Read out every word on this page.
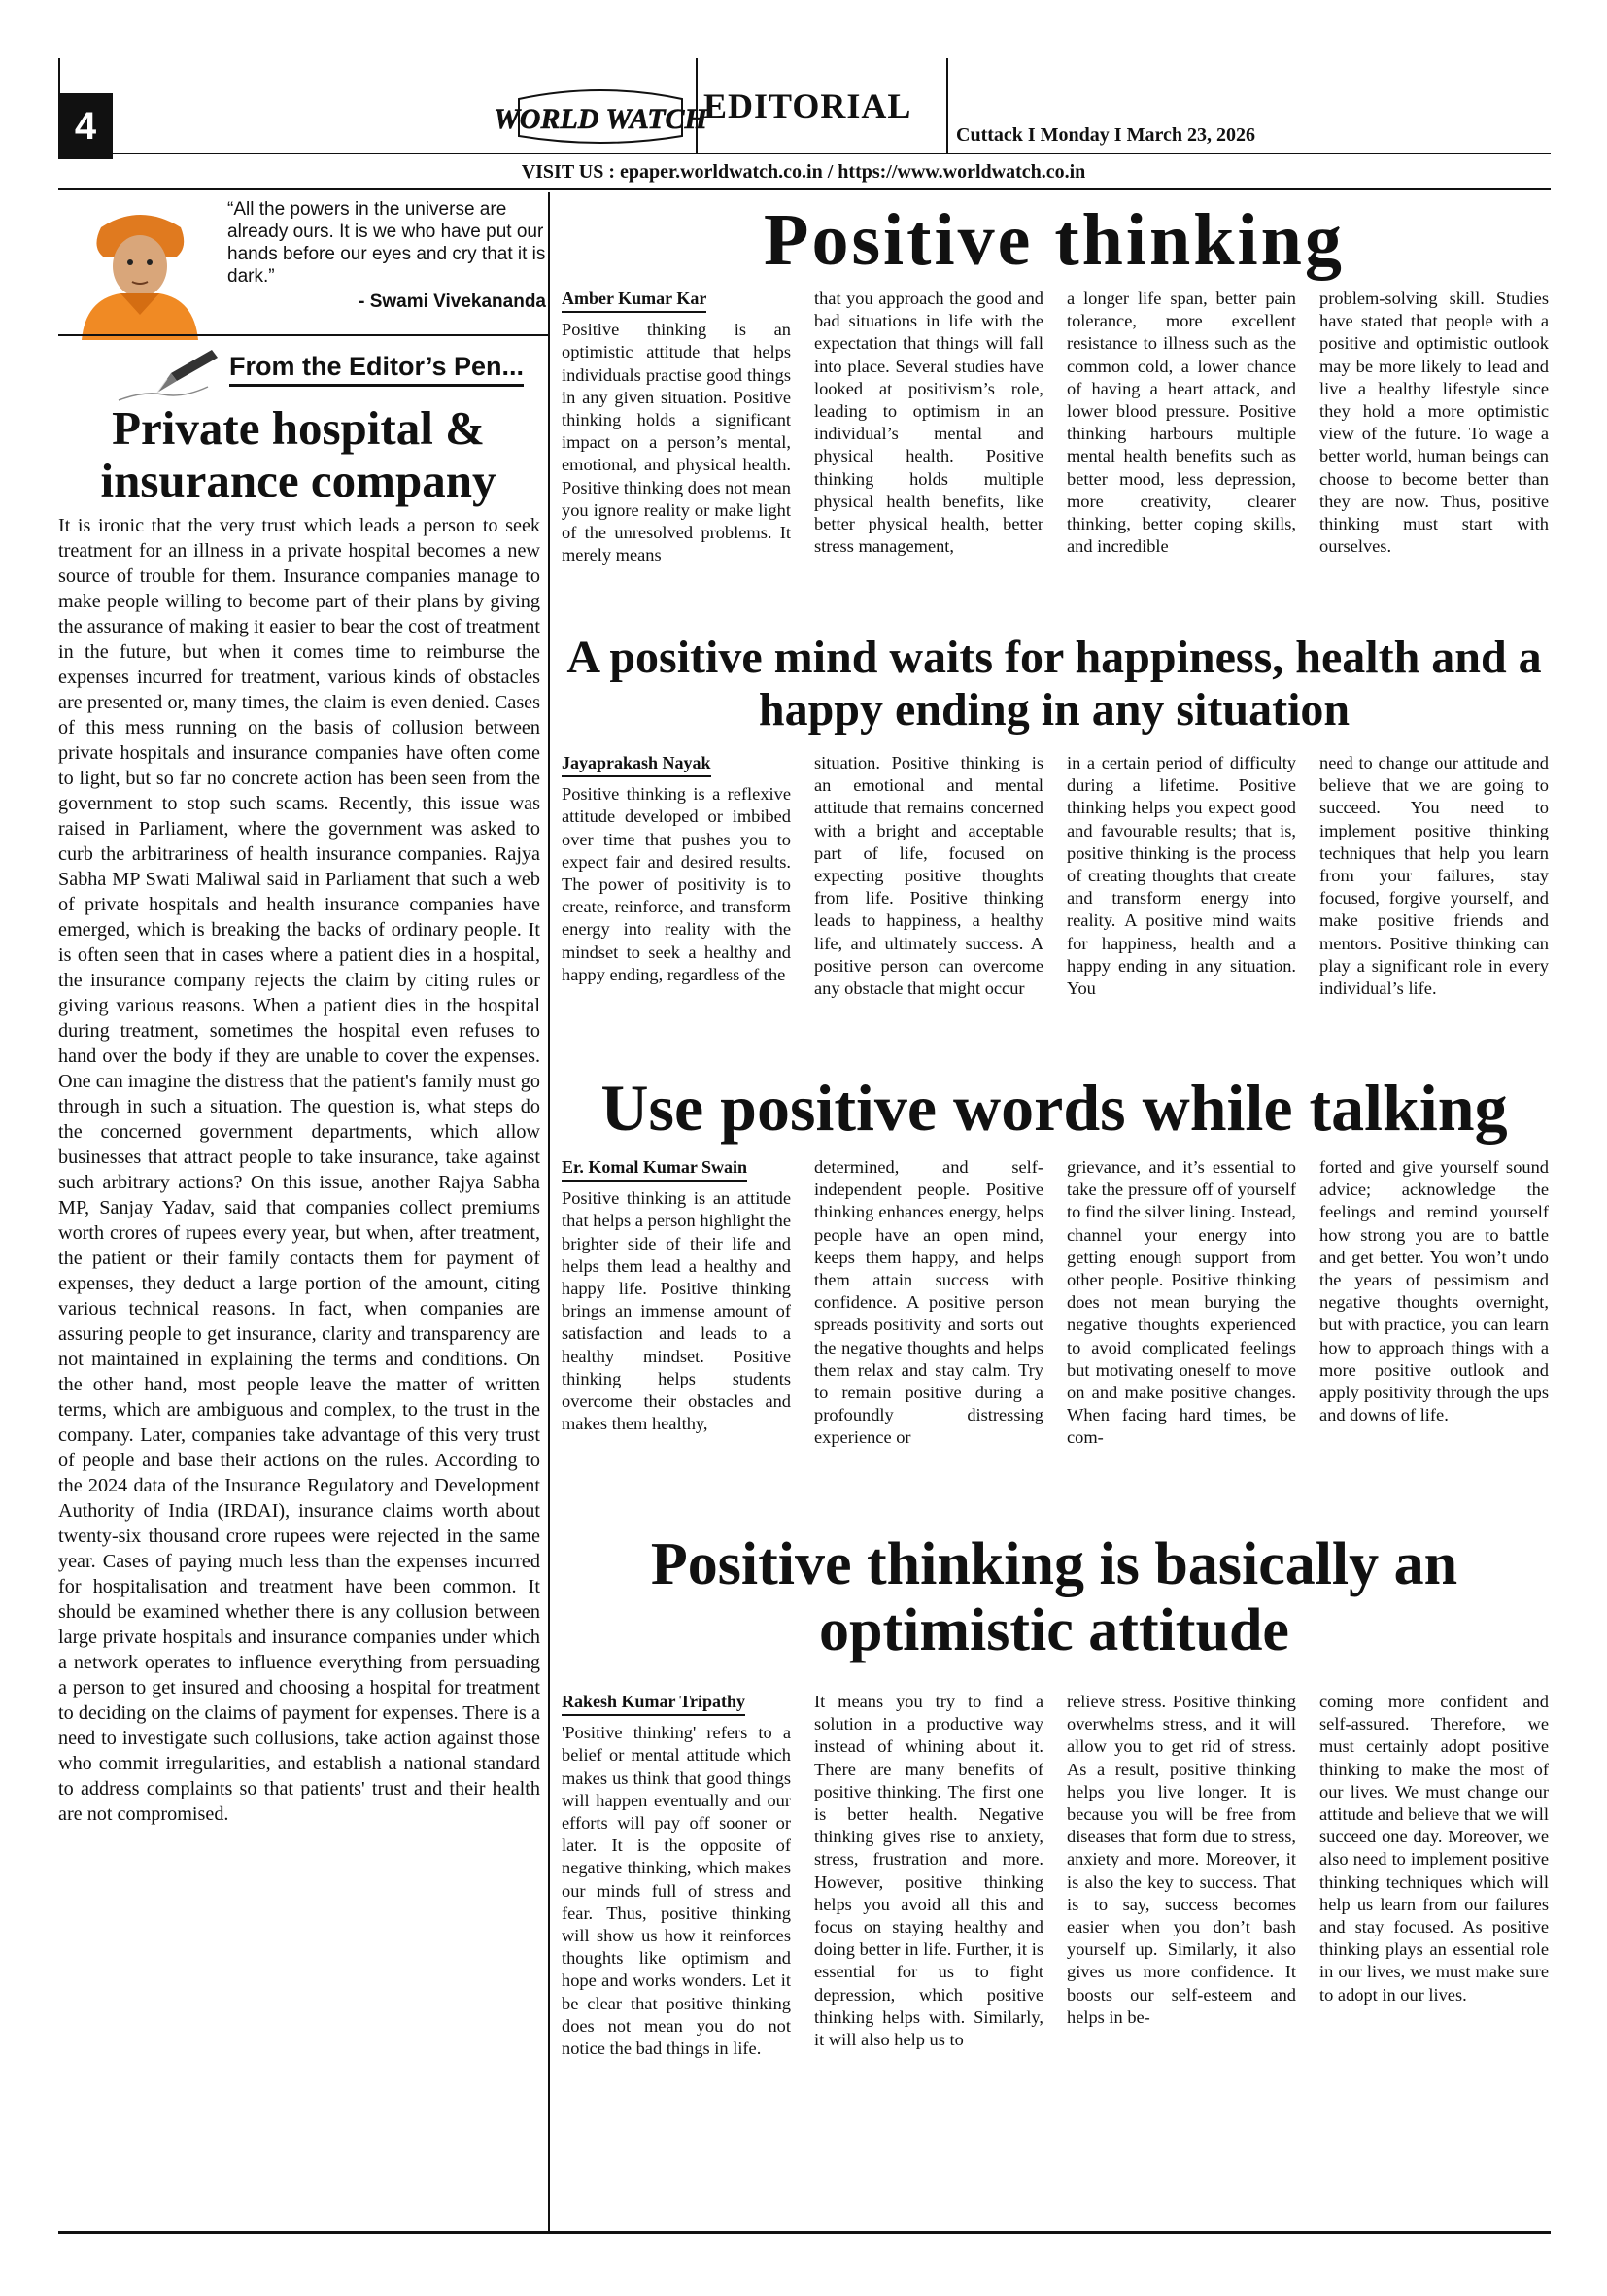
4	WORLD WATCH
EDITORIAL
Cuttack I Monday I March 23, 2026
VISIT US : epaper.worldwatch.co.in / https://www.worldwatch.co.in
“All the powers in the universe are already ours. It is we who have put our hands before our eyes and cry that it is dark.”
- Swami Vivekananda
From the Editor’s Pen...
Private hospital & insurance company
It is ironic that the very trust which leads a person to seek treatment for an illness in a private hospital becomes a new source of trouble for them. Insurance companies manage to make people willing to become part of their plans by giving the assurance of making it easier to bear the cost of treatment in the future, but when it comes time to reimburse the expenses incurred for treatment, various kinds of obstacles are presented or, many times, the claim is even denied. Cases of this mess running on the basis of collusion between private hospitals and insurance companies have often come to light, but so far no concrete action has been seen from the government to stop such scams. Recently, this issue was raised in Parliament, where the government was asked to curb the arbitrariness of health insurance companies. Rajya Sabha MP Swati Maliwal said in Parliament that such a web of private hospitals and health insurance companies have emerged, which is breaking the backs of ordinary people. It is often seen that in cases where a patient dies in a hospital, the insurance company rejects the claim by citing rules or giving various reasons. When a patient dies in the hospital during treatment, sometimes the hospital even refuses to hand over the body if they are unable to cover the expenses. One can imagine the distress that the patient's family must go through in such a situation. The question is, what steps do the concerned government departments, which allow businesses that attract people to take insurance, take against such arbitrary actions? On this issue, another Rajya Sabha MP, Sanjay Yadav, said that companies collect premiums worth crores of rupees every year, but when, after treatment, the patient or their family contacts them for payment of expenses, they deduct a large portion of the amount, citing various technical reasons. In fact, when companies are assuring people to get insurance, clarity and transparency are not maintained in explaining the terms and conditions. On the other hand, most people leave the matter of written terms, which are ambiguous and complex, to the trust in the company. Later, companies take advantage of this very trust of people and base their actions on the rules. According to the 2024 data of the Insurance Regulatory and Development Authority of India (IRDAI), insurance claims worth about twenty-six thousand crore rupees were rejected in the same year. Cases of paying much less than the expenses incurred for hospitalisation and treatment have been common. It should be examined whether there is any collusion between large private hospitals and insurance companies under which a network operates to influence everything from persuading a person to get insured and choosing a hospital for treatment to deciding on the claims of payment for expenses. There is a need to investigate such collusions, take action against those who commit irregularities, and establish a national standard to address complaints so that patients' trust and their health are not compromised.
Positive thinking
Amber Kumar Kar
Positive thinking is an optimistic attitude that helps individuals practise good things in any given situation. Positive thinking holds a significant impact on a person’s mental, emotional, and physical health. Positive thinking does not mean you ignore reality or make light of the unresolved problems. It merely means
that you approach the good and bad situations in life with the expectation that things will fall into place. Several studies have looked at positivism’s role, leading to optimism in an individual’s mental and physical health. Positive thinking holds multiple physical health benefits, like better physical health, better stress management,
a longer life span, better pain tolerance, more excellent resistance to illness such as the common cold, a lower chance of having a heart attack, and lower blood pressure. Positive thinking harbours multiple mental health benefits such as better mood, less depression, more creativity, clearer thinking, better coping skills, and incredible
problem-solving skill. Studies have stated that people with a positive and optimistic outlook may be more likely to lead and live a healthy lifestyle since they hold a more optimistic view of the future. To wage a better world, human beings can choose to become better than they are now. Thus, positive thinking must start with ourselves.
A positive mind waits for happiness, health and a happy ending in any situation
Jayaprakash Nayak
Positive thinking is a reflexive attitude developed or imbibed over time that pushes you to expect fair and desired results. The power of positivity is to create, reinforce, and transform energy into reality with the mindset to seek a healthy and happy ending, regardless of the
situation. Positive thinking is an emotional and mental attitude that remains concerned with a bright and acceptable part of life, focused on expecting positive thoughts from life. Positive thinking leads to happiness, a healthy life, and ultimately success. A positive person can overcome any obstacle that might occur
in a certain period of difficulty during a lifetime. Positive thinking helps you expect good and favourable results; that is, positive thinking is the process of creating thoughts that create and transform energy into reality. A positive mind waits for happiness, health and a happy ending in any situation. You
need to change our attitude and believe that we are going to succeed. You need to implement positive thinking techniques that help you learn from your failures, stay focused, forgive yourself, and make positive friends and mentors. Positive thinking can play a significant role in every individual’s life.
Use positive words while talking
Er. Komal Kumar Swain
Positive thinking is an attitude that helps a person highlight the brighter side of their life and helps them lead a healthy and happy life. Positive thinking brings an immense amount of satisfaction and leads to a healthy mindset. Positive thinking helps students overcome their obstacles and makes them healthy,
determined, and self-independent people. Positive thinking enhances energy, helps people have an open mind, keeps them happy, and helps them attain success with confidence. A positive person spreads positivity and sorts out the negative thoughts and helps them relax and stay calm. Try to remain positive during a profoundly distressing experience or
grievance, and it’s essential to take the pressure off of yourself to find the silver lining. Instead, channel your energy into getting enough support from other people. Positive thinking does not mean burying the negative thoughts experienced to avoid complicated feelings but motivating oneself to move on and make positive changes. When facing hard times, be com-
forted and give yourself sound advice; acknowledge the feelings and remind yourself how strong you are to battle and get better. You won’t undo the years of pessimism and negative thoughts overnight, but with practice, you can learn how to approach things with a more positive outlook and apply positivity through the ups and downs of life.
Positive thinking is basically an optimistic attitude
Rakesh Kumar Tripathy
'Positive thinking' refers to a belief or mental attitude which makes us think that good things will happen eventually and our efforts will pay off sooner or later. It is the opposite of negative thinking, which makes our minds full of stress and fear. Thus, positive thinking will show us how it reinforces thoughts like optimism and hope and works wonders. Let it be clear that positive thinking does not mean you do not notice the bad things in life.
It means you try to find a solution in a productive way instead of whining about it. There are many benefits of positive thinking. The first one is better health. Negative thinking gives rise to anxiety, stress, frustration and more. However, positive thinking helps you avoid all this and focus on staying healthy and doing better in life. Further, it is essential for us to fight depression, which positive thinking helps with. Similarly, it will also help us to
relieve stress. Positive thinking overwhelms stress, and it will allow you to get rid of stress. As a result, positive thinking helps you live longer. It is because you will be free from diseases that form due to stress, anxiety and more. Moreover, it is also the key to success. That is to say, success becomes easier when you don’t bash yourself up. Similarly, it also gives us more confidence. It boosts our self-esteem and helps in be-
coming more confident and self-assured. Therefore, we must certainly adopt positive thinking to make the most of our lives. We must change our attitude and believe that we will succeed one day. Moreover, we also need to implement positive thinking techniques which will help us learn from our failures and stay focused. As positive thinking plays an essential role in our lives, we must make sure to adopt in our lives.
